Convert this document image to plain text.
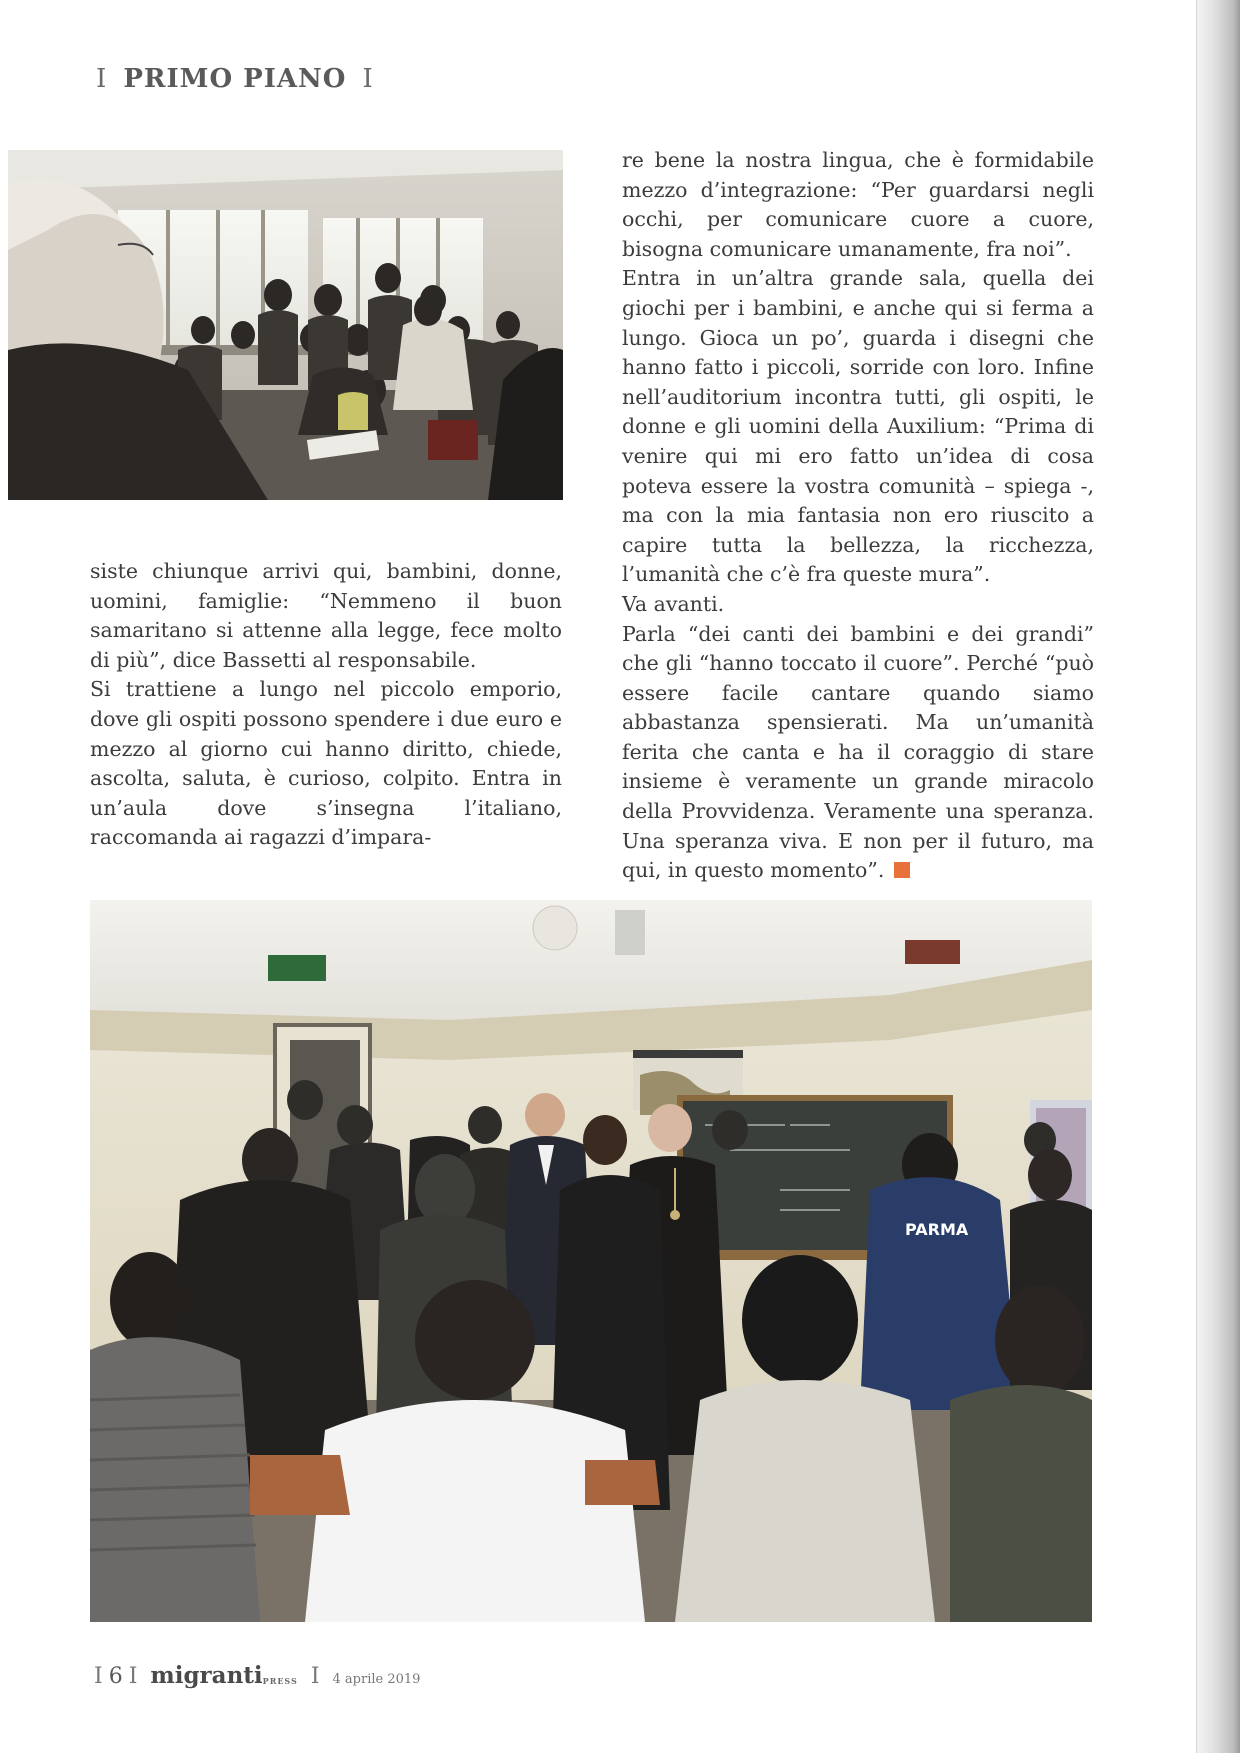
I PRIMO PIANO I

siste chiunque arrivi qui, bambini, donne, uomini, famiglie: “Nemmeno il buon samaritano si attenne alla legge, fece molto di più”, dice Bassetti al responsabile.

Si trattiene a lungo nel piccolo emporio, dove gli ospiti possono spendere i due euro e mezzo al giorno cui hanno diritto, chiede, ascolta, saluta, è curioso, colpito. Entra in un’aula dove s’insegna l’italiano, raccomanda ai ragazzi d’impara-

re bene la nostra lingua, che è formidabile mezzo d’integrazione: “Per guardarsi negli occhi, per comunicare cuore a cuore, bisogna comunicare umanamente, fra noi”.

Entra in un’altra grande sala, quella dei giochi per i bambini, e anche qui si ferma a lungo. Gioca un po’, guarda i disegni che hanno fatto i piccoli, sorride con loro. Infine nell’auditorium incontra tutti, gli ospiti, le donne e gli uomini della Auxilium: “Prima di venire qui mi ero fatto un’idea di cosa poteva essere la vostra comunità – spiega -, ma con la mia fantasia non ero riuscito a capire tutta la bellezza, la ricchezza, l’umanità che c’è fra queste mura”.

Va avanti.

Parla “dei canti dei bambini e dei grandi” che gli “hanno toccato il cuore”. Perché “può essere facile cantare quando siamo abbastanza spensierati. Ma un’umanità ferita che canta e ha il coraggio di stare insieme è veramente un grande miracolo della Provvidenza. Veramente una speranza. Una speranza viva. E non per il futuro, ma qui, in questo momento”.

PARMA
I 6 I migrantiPRESS I 4 aprile 2019
